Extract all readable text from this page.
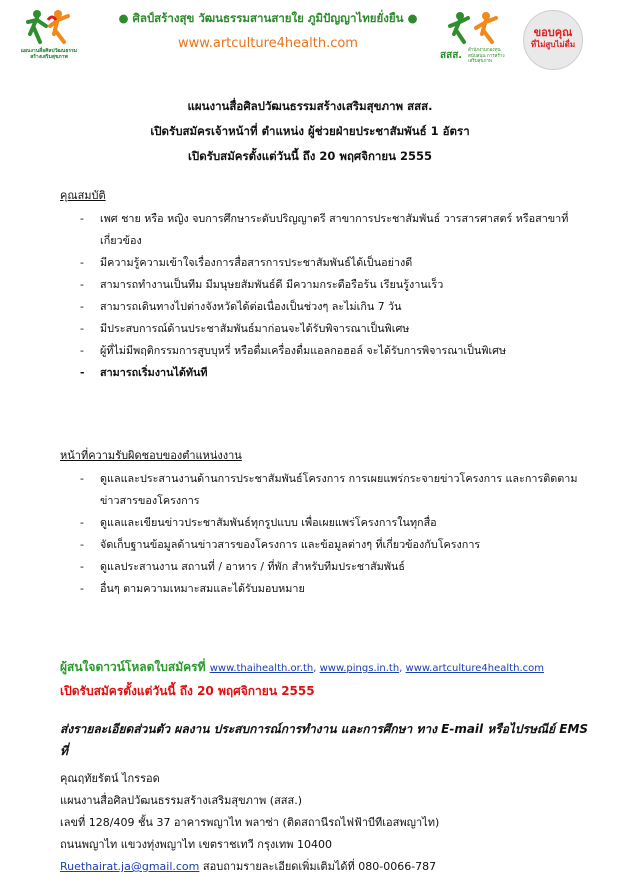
แผนงานสื่อศิลปวัฒนธรรม สร้างเสริมสุขภาพ
● ศิลป์สร้างสุข วัฒนธรรมสานสายใย ภูมิปัญญาไทยยั่งยืน ●
www.artculture4health.com
สสส. สำนักงานกองทุนสนับสนุน การสร้างเสริมสุขภาพ
ขอบคุณ
ที่ไม่สูบไม่ดื่ม
แผนงานสื่อศิลปวัฒนธรรมสร้างเสริมสุขภาพ สสส.
เปิดรับสมัครเจ้าหน้าที่ ตำแหน่ง ผู้ช่วยฝ่ายประชาสัมพันธ์ 1 อัตรา
เปิดรับสมัครตั้งแต่วันนี้ ถึง 20 พฤศจิกายน 2555
คุณสมบัติ
- เพศ ชาย หรือ หญิง จบการศึกษาระดับปริญญาตรี สาขาการประชาสัมพันธ์ วารสารศาสตร์ หรือสาขาที่เกี่ยวข้อง
- มีความรู้ความเข้าใจเรื่องการสื่อสารการประชาสัมพันธ์ได้เป็นอย่างดี
- สามารถทำงานเป็นทีม มีมนุษยสัมพันธ์ดี มีความกระตือรือร้น เรียนรู้งานเร็ว
- สามารถเดินทางไปต่างจังหวัดได้ต่อเนื่องเป็นช่วงๆ ละไม่เกิน 7 วัน
- มีประสบการณ์ด้านประชาสัมพันธ์มาก่อนจะได้รับพิจารณาเป็นพิเศษ
- ผู้ที่ไม่มีพฤติกรรมการสูบบุหรี่ หรือดื่มเครื่องดื่มแอลกอฮอล์ จะได้รับการพิจารณาเป็นพิเศษ
- สามารถเริ่มงานได้ทันที
หน้าที่ความรับผิดชอบของตำแหน่งงาน
- ดูแลและประสานงานด้านการประชาสัมพันธ์โครงการ การเผยแพร่กระจายข่าวโครงการ และการติดตามข่าวสารของโครงการ
- ดูแลและเขียนข่าวประชาสัมพันธ์ทุกรูปแบบ เพื่อเผยแพร่โครงการในทุกสื่อ
- จัดเก็บฐานข้อมูลด้านข่าวสารของโครงการ และข้อมูลต่างๆ ที่เกี่ยวข้องกับโครงการ
- ดูแลประสานงาน สถานที่ / อาหาร / ที่พัก สำหรับทีมประชาสัมพันธ์
- อื่นๆ ตามความเหมาะสมและได้รับมอบหมาย
ผู้สนใจดาวน์โหลดใบสมัครที่ www.thaihealth.or.th, www.pings.in.th, www.artculture4health.com
เปิดรับสมัครตั้งแต่วันนี้ ถึง 20 พฤศจิกายน 2555
ส่งรายละเอียดส่วนตัว ผลงาน ประสบการณ์การทำงาน และการศึกษา ทาง E-mail หรือไปรษณีย์ EMS ที่
คุณฤทัยรัตน์ ไกรรอด
แผนงานสื่อศิลปวัฒนธรรมสร้างเสริมสุขภาพ (สสส.)
เลขที่ 128/409 ชั้น 37 อาคารพญาไท พลาซ่า (ติดสถานีรถไฟฟ้าบีทีเอสพญาไท)
ถนนพญาไท แขวงทุ่งพญาไท เขตราชเทวี กรุงเทพ 10400
Ruethairat.ja@gmail.com สอบถามรายละเอียดเพิ่มเติมได้ที่ 080-0066-787
